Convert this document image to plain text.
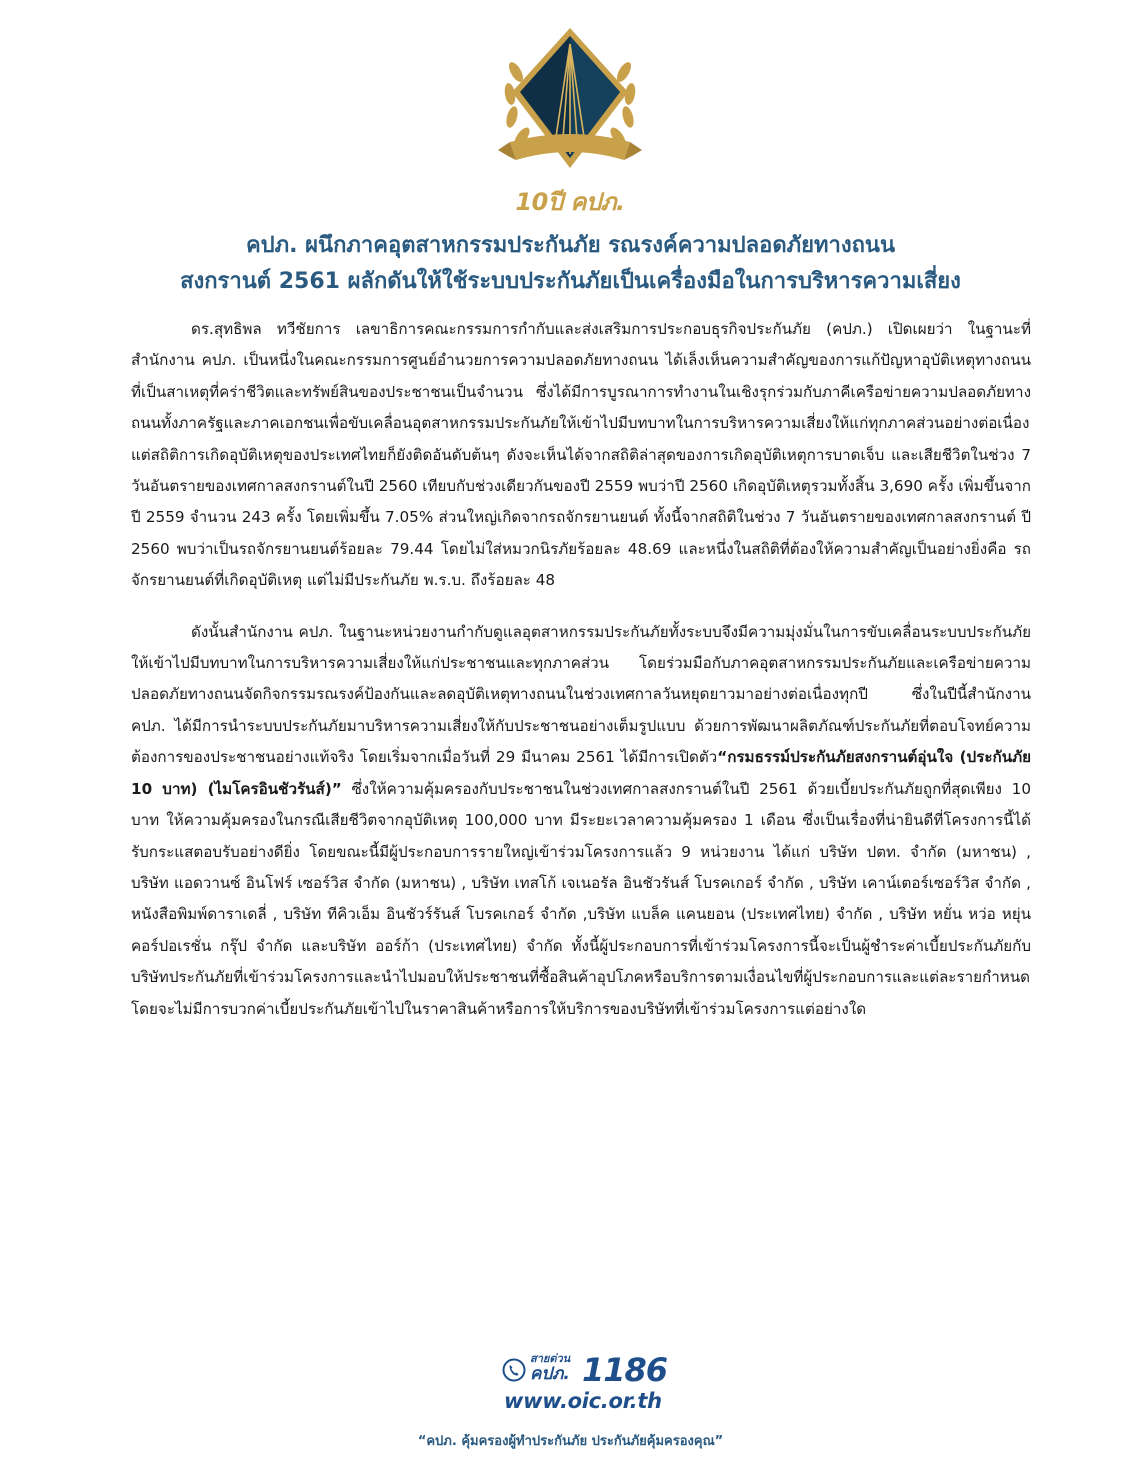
10ปี คปภ.
คปภ. ผนึกภาคอุตสาหกรรมประกันภัย รณรงค์ความปลอดภัยทางถนน
สงกรานต์ 2561 ผลักดันให้ใช้ระบบประกันภัยเป็นเครื่องมือในการบริหารความเสี่ยง

ดร.สุทธิพล ทวีชัยการ เลขาธิการคณะกรรมการกำกับและส่งเสริมการประกอบธุรกิจประกันภัย (คปภ.) เปิดเผยว่า ในฐานะที่สำนักงาน คปภ. เป็นหนึ่งในคณะกรรมการศูนย์อำนวยการความปลอดภัยทางถนน ได้เล็งเห็นความสำคัญของการแก้ปัญหาอุบัติเหตุทางถนนที่เป็นสาเหตุที่คร่าชีวิตและทรัพย์สินของประชาชนเป็นจำนวน ซึ่งได้มีการบูรณาการทำงานในเชิงรุกร่วมกับภาคีเครือข่ายความปลอดภัยทางถนนทั้งภาครัฐและภาคเอกชนเพื่อขับเคลื่อนอุตสาหกรรมประกันภัยให้เข้าไปมีบทบาทในการบริหารความเสี่ยงให้แก่ทุกภาคส่วนอย่างต่อเนื่อง แต่สถิติการเกิดอุบัติเหตุของประเทศไทยก็ยังติดอันดับต้นๆ ดังจะเห็นได้จากสถิติล่าสุดของการเกิดอุบัติเหตุการบาดเจ็บ และเสียชีวิตในช่วง 7 วันอันตรายของเทศกาลสงกรานต์ในปี 2560 เทียบกับช่วงเดียวกันของปี 2559 พบว่าปี 2560 เกิดอุบัติเหตุรวมทั้งสิ้น 3,690 ครั้ง เพิ่มขึ้นจากปี 2559 จำนวน 243 ครั้ง โดยเพิ่มขึ้น 7.05% ส่วนใหญ่เกิดจากรถจักรยานยนต์ ทั้งนี้จากสถิติในช่วง 7 วันอันตรายของเทศกาลสงกรานต์ ปี 2560 พบว่าเป็นรถจักรยานยนต์ร้อยละ 79.44 โดยไม่ใส่หมวกนิรภัยร้อยละ 48.69 และหนึ่งในสถิติที่ต้องให้ความสำคัญเป็นอย่างยิ่งคือ รถจักรยานยนต์ที่เกิดอุบัติเหตุ แต่ไม่มีประกันภัย พ.ร.บ. ถึงร้อยละ 48

ดังนั้นสำนักงาน คปภ. ในฐานะหน่วยงานกำกับดูแลอุตสาหกรรมประกันภัยทั้งระบบจึงมีความมุ่งมั่นในการขับเคลื่อนระบบประกันภัยให้เข้าไปมีบทบาทในการบริหารความเสี่ยงให้แก่ประชาชนและทุกภาคส่วน โดยร่วมมือกับภาคอุตสาหกรรมประกันภัยและเครือข่ายความปลอดภัยทางถนนจัดกิจกรรมรณรงค์ป้องกันและลดอุบัติเหตุทางถนนในช่วงเทศกาลวันหยุดยาวมาอย่างต่อเนื่องทุกปี ซึ่งในปีนี้สำนักงาน คปภ. ได้มีการนำระบบประกันภัยมาบริหารความเสี่ยงให้กับประชาชนอย่างเต็มรูปแบบ ด้วยการพัฒนาผลิตภัณฑ์ประกันภัยที่ตอบโจทย์ความต้องการของประชาชนอย่างแท้จริง โดยเริ่มจากเมื่อวันที่ 29 มีนาคม 2561 ได้มีการเปิดตัว“กรมธรรม์ประกันภัยสงกรานต์อุ่นใจ (ประกันภัย 10 บาท) (ไมโครอินชัวรันส์)” ซึ่งให้ความคุ้มครองกับประชาชนในช่วงเทศกาลสงกรานต์ในปี 2561 ด้วยเบี้ยประกันภัยถูกที่สุดเพียง 10 บาท ให้ความคุ้มครองในกรณีเสียชีวิตจากอุบัติเหตุ 100,000 บาท มีระยะเวลาความคุ้มครอง 1 เดือน ซึ่งเป็นเรื่องที่น่ายินดีที่โครงการนี้ได้รับกระแสตอบรับอย่างดียิ่ง โดยขณะนี้มีผู้ประกอบการรายใหญ่เข้าร่วมโครงการแล้ว 9 หน่วยงาน ได้แก่ บริษัท ปตท. จำกัด (มหาชน) , บริษัท แอดวานซ์ อินโฟร์ เซอร์วิส จำกัด (มหาชน) , บริษัท เทสโก้ เจเนอรัล อินชัวรันส์ โบรคเกอร์ จำกัด , บริษัท เคาน์เตอร์เซอร์วิส จำกัด , หนังสือพิมพ์ดาราเดลี่ , บริษัท ทีคิวเอ็ม อินชัวร์รันส์ โบรคเกอร์ จำกัด ,บริษัท แบล็ค แคนยอน (ประเทศไทย) จำกัด , บริษัท หยั่น หว่อ หยุ่น คอร์ปอเรชั่น กรุ๊ป จำกัด และบริษัท ออร์ก้า (ประเทศไทย) จำกัด ทั้งนี้ผู้ประกอบการที่เข้าร่วมโครงการนี้จะเป็นผู้ชำระค่าเบี้ยประกันภัยกับบริษัทประกันภัยที่เข้าร่วมโครงการและนำไปมอบให้ประชาชนที่ซื้อสินค้าอุปโภคหรือบริการตามเงื่อนไขที่ผู้ประกอบการและแต่ละรายกำหนด โดยจะไม่มีการบวกค่าเบี้ยประกันภัยเข้าไปในราคาสินค้าหรือการให้บริการของบริษัทที่เข้าร่วมโครงการแต่อย่างใด

สายด่วน
คปภ. 1186
www.oic.or.th
“คปภ. คุ้มครองผู้ทำประกันภัย ประกันภัยคุ้มครองคุณ”
